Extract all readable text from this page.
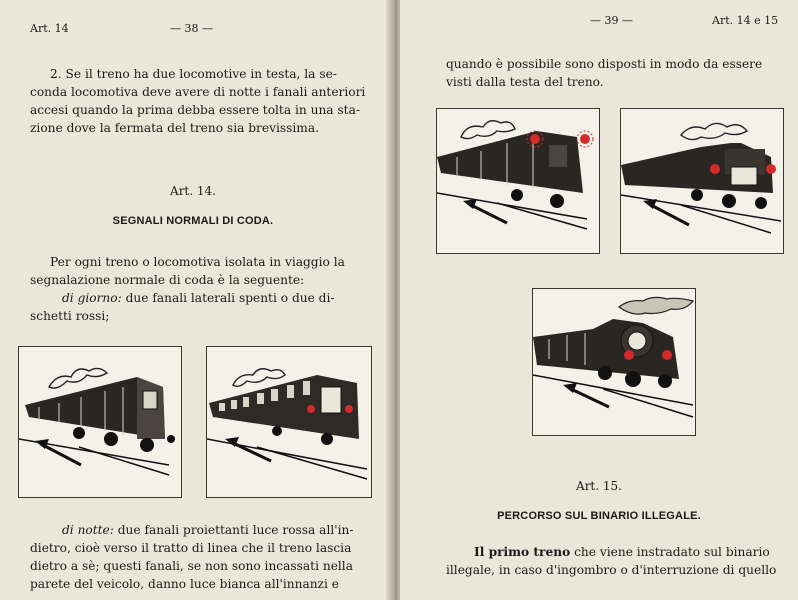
Art. 14	— 38 —
2. Se il treno ha due locomotive in testa, la se-
conda locomotiva deve avere di notte i fanali anteriori
accesi quando la prima debba essere tolta in una sta-
zione dove la fermata del treno sia brevissima.
Art. 14.
SEGNALI NORMALI DI CODA.
Per ogni treno o locomotiva isolata in viaggio la
segnalazione normale di coda è la seguente:
di giorno: due fanali laterali spenti o due di-
schetti rossi;
di notte: due fanali proiettanti luce rossa all'in-
dietro, cioè verso il tratto di linea che il treno lascia
dietro a sè; questi fanali, se non sono incassati nella
parete del veicolo, danno luce bianca all'innanzi e
— 39 —	Art. 14 e 15
quando è possibile sono disposti in modo da essere
visti dalla testa del treno.
Art. 15.
PERCORSO SUL BINARIO ILLEGALE.
Il primo treno che viene instradato sul binario
illegale, in caso d'ingombro o d'interruzione di quello
